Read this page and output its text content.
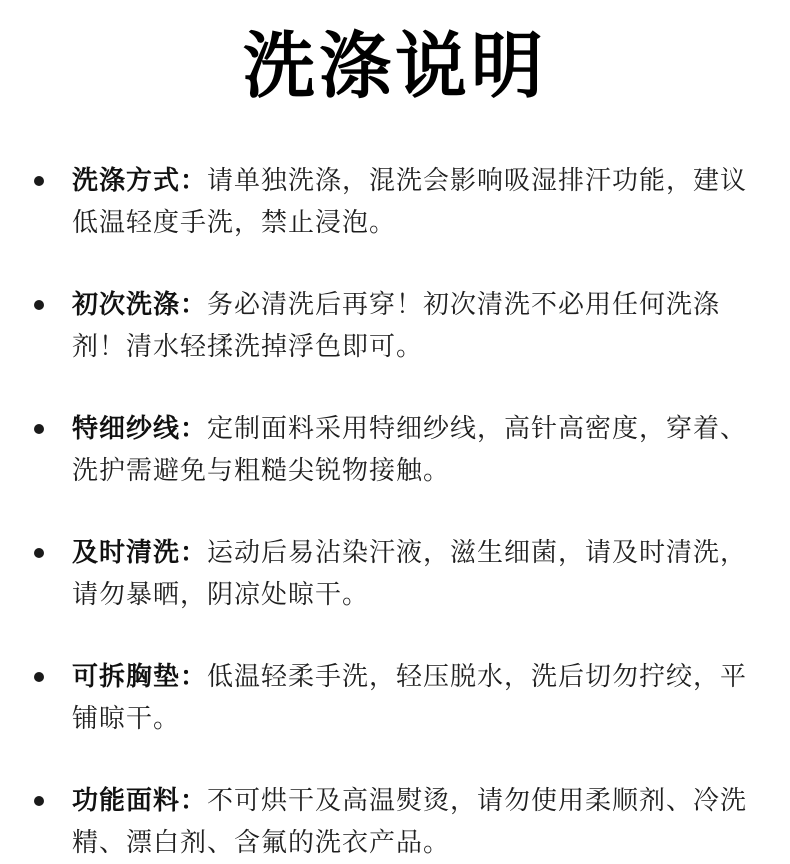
洗涤说明
洗涤方式：请单独洗涤，混洗会影响吸湿排汗功能，建议低温轻度手洗，禁止浸泡。
初次洗涤：务必清洗后再穿！初次清洗不必用任何洗涤剂！清水轻揉洗掉浮色即可。
特细纱线：定制面料采用特细纱线，高针高密度，穿着、洗护需避免与粗糙尖锐物接触。
及时清洗：运动后易沾染汗液，滋生细菌，请及时清洗，请勿暴晒，阴凉处晾干。
可拆胸垫：低温轻柔手洗，轻压脱水，洗后切勿拧绞，平铺晾干。
功能面料：不可烘干及高温熨烫，请勿使用柔顺剂、冷洗精、漂白剂、含氟的洗衣产品。
